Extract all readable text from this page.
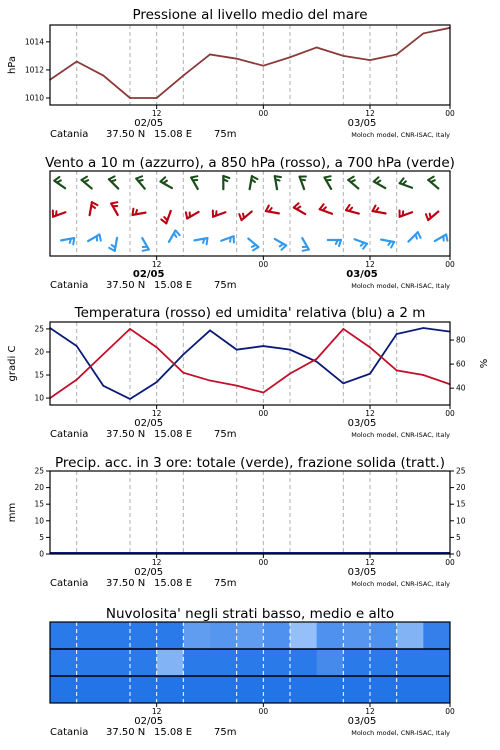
Pressione al livello medio del mare
1010
1012
1014
hPa
12	00	12	00
02/05	03/05
Catania 37.50 N 15.08 E 75m	Moloch model, CNR-ISAC, Italy
Vento a 10 m (azzurro), a 850 hPa (rosso), a 700 hPa (verde)
12	00	12	00
02/05	03/05
Catania 37.50 N 15.08 E 75m	Moloch model, CNR-ISAC, Italy
Temperatura (rosso) ed umidita' relativa (blu) a 2 m
10
15
20
25
40
60
80
gradi C	%
12	00	12	00
02/05	03/05
Catania 37.50 N 15.08 E 75m	Moloch model, CNR-ISAC, Italy
Precip. acc. in 3 ore: totale (verde), frazione solida (tratt.)
0	0
5	5
10	10
15	15
20	20
25	25
mm
12	00	12	00
02/05	03/05
Catania 37.50 N 15.08 E 75m	Moloch model, CNR-ISAC, Italy
Nuvolosita' negli strati basso, medio e alto
12	00	12	00
02/05	03/05
Catania 37.50 N 15.08 E 75m	Moloch model, CNR-ISAC, Italy
